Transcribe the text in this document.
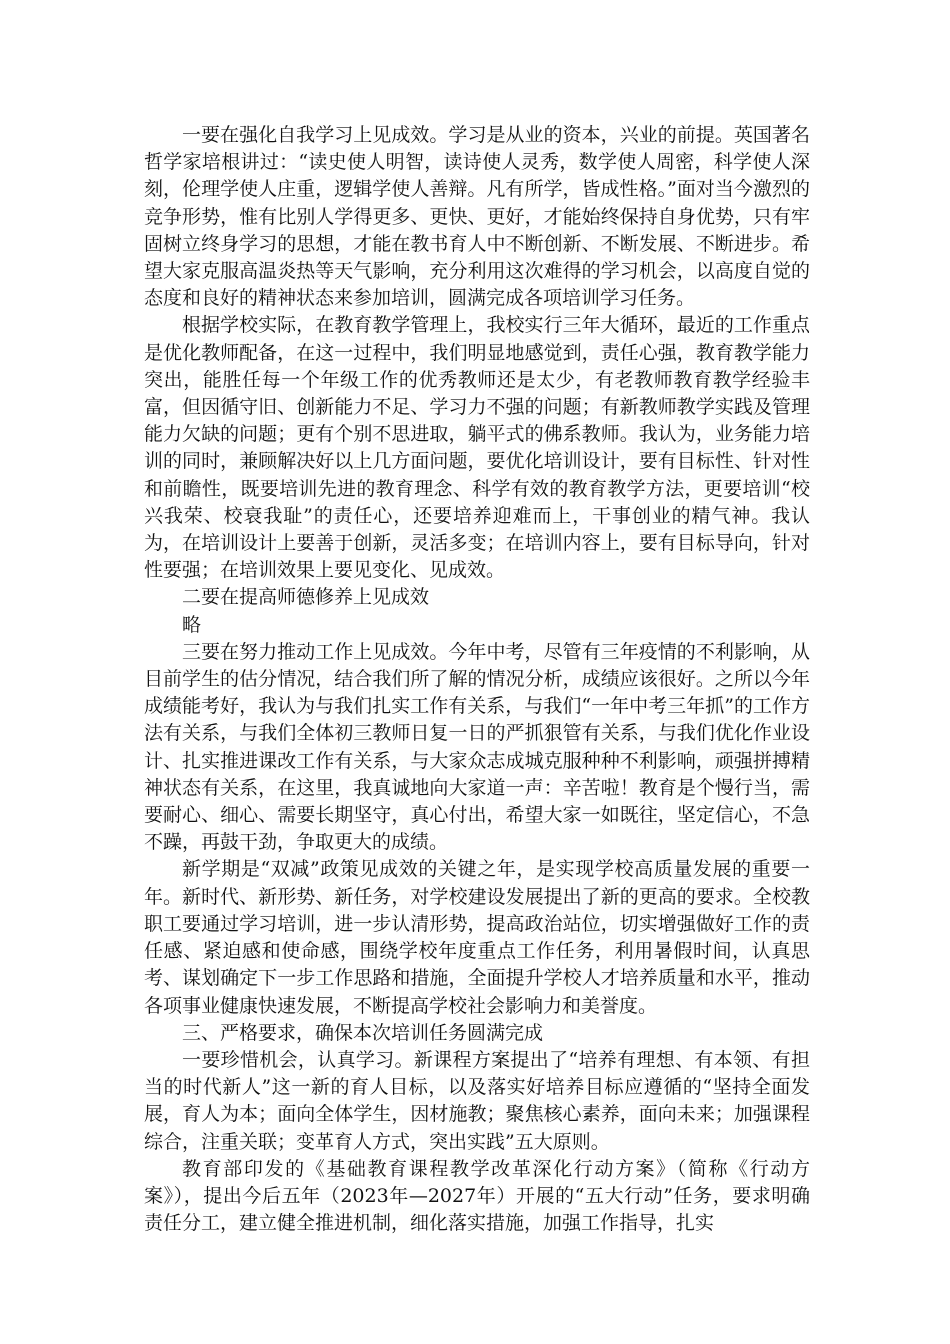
一要在强化自我学习上见成效。学习是从业的资本，兴业的前提。英国著名哲学家培根讲过：“读史使人明智，读诗使人灵秀，数学使人周密，科学使人深刻，伦理学使人庄重，逻辑学使人善辩。凡有所学，皆成性格。”面对当今激烈的竞争形势，惟有比别人学得更多、更快、更好，才能始终保持自身优势，只有牢固树立终身学习的思想，才能在教书育人中不断创新、不断发展、不断进步。希望大家克服高温炎热等天气影响，充分利用这次难得的学习机会，以高度自觉的态度和良好的精神状态来参加培训，圆满完成各项培训学习任务。

根据学校实际，在教育教学管理上，我校实行三年大循环，最近的工作重点是优化教师配备，在这一过程中，我们明显地感觉到，责任心强，教育教学能力突出，能胜任每一个年级工作的优秀教师还是太少，有老教师教育教学经验丰富，但因循守旧、创新能力不足、学习力不强的问题；有新教师教学实践及管理能力欠缺的问题；更有个别不思进取，躺平式的佛系教师。我认为，业务能力培训的同时，兼顾解决好以上几方面问题，要优化培训设计，要有目标性、针对性和前瞻性，既要培训先进的教育理念、科学有效的教育教学方法，更要培训“校兴我荣、校衰我耻”的责任心，还要培养迎难而上，干事创业的精气神。我认为，在培训设计上要善于创新，灵活多变；在培训内容上，要有目标导向，针对性要强；在培训效果上要见变化、见成效。

二要在提高师德修养上见成效

略

三要在努力推动工作上见成效。今年中考，尽管有三年疫情的不利影响，从目前学生的估分情况，结合我们所了解的情况分析，成绩应该很好。之所以今年成绩能考好，我认为与我们扎实工作有关系，与我们“一年中考三年抓”的工作方法有关系，与我们全体初三教师日复一日的严抓狠管有关系，与我们优化作业设计、扎实推进课改工作有关系，与大家众志成城克服种种不利影响，顽强拼搏精神状态有关系，在这里，我真诚地向大家道一声：辛苦啦！教育是个慢行当，需要耐心、细心、需要长期坚守，真心付出，希望大家一如既往，坚定信心，不急不躁，再鼓干劲，争取更大的成绩。

新学期是“双减”政策见成效的关键之年，是实现学校高质量发展的重要一年。新时代、新形势、新任务，对学校建设发展提出了新的更高的要求。全校教职工要通过学习培训，进一步认清形势，提高政治站位，切实增强做好工作的责任感、紧迫感和使命感，围绕学校年度重点工作任务，利用暑假时间，认真思考、谋划确定下一步工作思路和措施，全面提升学校人才培养质量和水平，推动各项事业健康快速发展，不断提高学校社会影响力和美誉度。

三、严格要求，确保本次培训任务圆满完成

一要珍惜机会，认真学习。新课程方案提出了“培养有理想、有本领、有担当的时代新人”这一新的育人目标，以及落实好培养目标应遵循的“坚持全面发展，育人为本；面向全体学生，因材施教；聚焦核心素养，面向未来；加强课程综合，注重关联；变革育人方式，突出实践”五大原则。

教育部印发的《基础教育课程教学改革深化行动方案》（简称《行动方案》），提出今后五年（2023年—2027年）开展的“五大行动”任务，要求明确责任分工，建立健全推进机制，细化落实措施，加强工作指导，扎实
